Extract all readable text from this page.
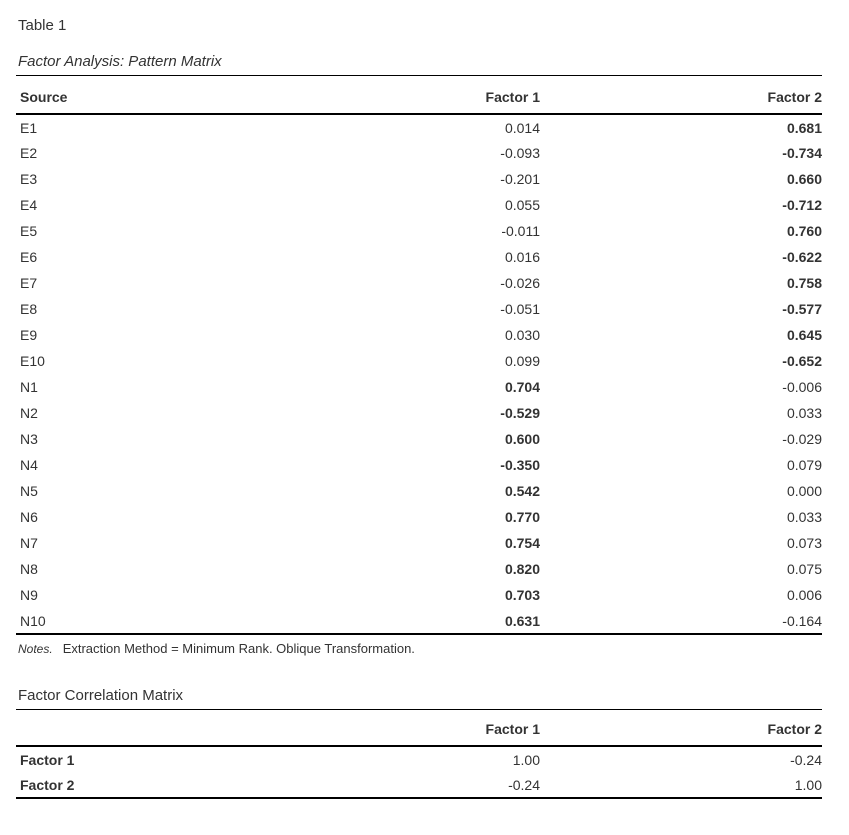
Table 1
Factor Analysis: Pattern Matrix
Source	Factor 1	Factor 2
E1	0.014	0.681
E2	-0.093	-0.734
E3	-0.201	0.660
E4	0.055	-0.712
E5	-0.011	0.760
E6	0.016	-0.622
E7	-0.026	0.758
E8	-0.051	-0.577
E9	0.030	0.645
E10	0.099	-0.652
N1	0.704	-0.006
N2	-0.529	0.033
N3	0.600	-0.029
N4	-0.350	0.079
N5	0.542	0.000
N6	0.770	0.033
N7	0.754	0.073
N8	0.820	0.075
N9	0.703	0.006
N10	0.631	-0.164
Notes. Extraction Method = Minimum Rank. Oblique Transformation.
Factor Correlation Matrix
	Factor 1	Factor 2
Factor 1	1.00	-0.24
Factor 2	-0.24	1.00
